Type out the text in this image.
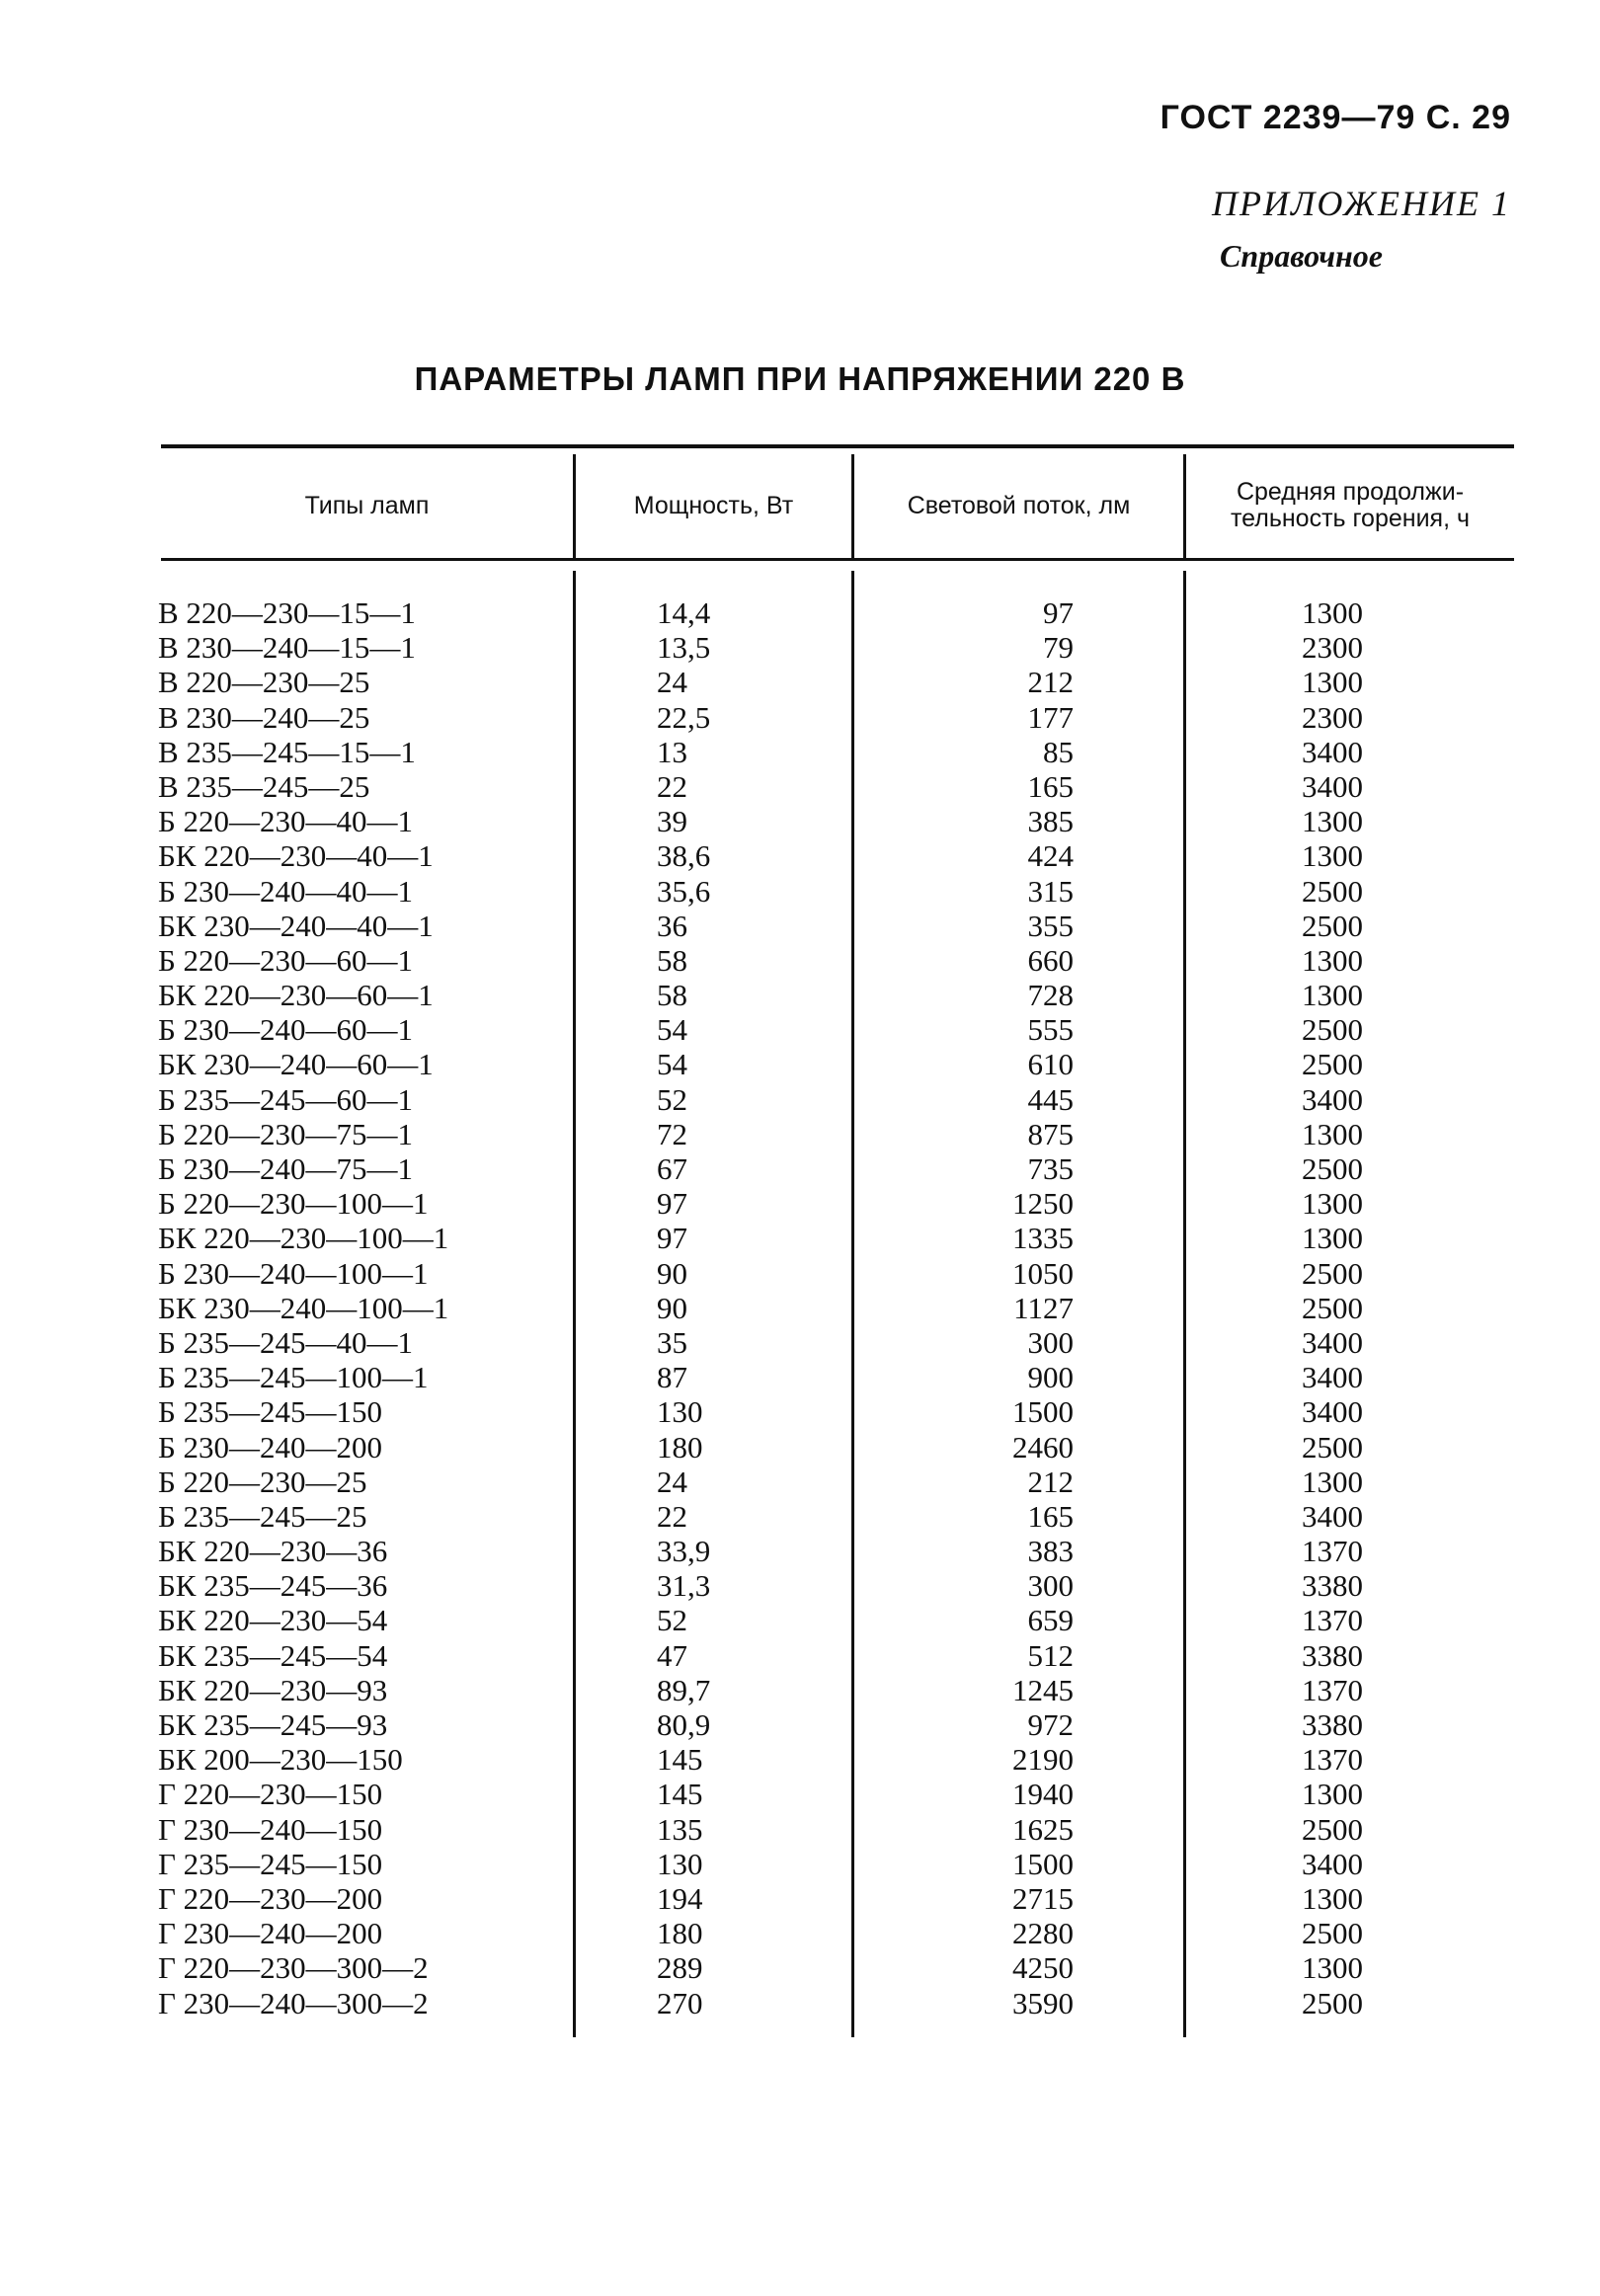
ГОСТ 2239—79 С. 29
ПРИЛОЖЕНИЕ 1
Справочное
ПАРАМЕТРЫ ЛАМП ПРИ НАПРЯЖЕНИИ 220 В
Типы ламп	Мощность, Вт	Световой поток, лм	Средняя продолжи-тельность горения, ч
В 220—230—15—1	14,4	97	1300
В 230—240—15—1	13,5	79	2300
В 220—230—25	24	212	1300
В 230—240—25	22,5	177	2300
В 235—245—15—1	13	85	3400
В 235—245—25	22	165	3400
Б 220—230—40—1	39	385	1300
БК 220—230—40—1	38,6	424	1300
Б 230—240—40—1	35,6	315	2500
БК 230—240—40—1	36	355	2500
Б 220—230—60—1	58	660	1300
БК 220—230—60—1	58	728	1300
Б 230—240—60—1	54	555	2500
БК 230—240—60—1	54	610	2500
Б 235—245—60—1	52	445	3400
Б 220—230—75—1	72	875	1300
Б 230—240—75—1	67	735	2500
Б 220—230—100—1	97	1250	1300
БК 220—230—100—1	97	1335	1300
Б 230—240—100—1	90	1050	2500
БК 230—240—100—1	90	1127	2500
Б 235—245—40—1	35	300	3400
Б 235—245—100—1	87	900	3400
Б 235—245—150	130	1500	3400
Б 230—240—200	180	2460	2500
Б 220—230—25	24	212	1300
Б 235—245—25	22	165	3400
БК 220—230—36	33,9	383	1370
БК 235—245—36	31,3	300	3380
БК 220—230—54	52	659	1370
БК 235—245—54	47	512	3380
БК 220—230—93	89,7	1245	1370
БК 235—245—93	80,9	972	3380
БК 200—230—150	145	2190	1370
Г 220—230—150	145	1940	1300
Г 230—240—150	135	1625	2500
Г 235—245—150	130	1500	3400
Г 220—230—200	194	2715	1300
Г 230—240—200	180	2280	2500
Г 220—230—300—2	289	4250	1300
Г 230—240—300—2	270	3590	2500
